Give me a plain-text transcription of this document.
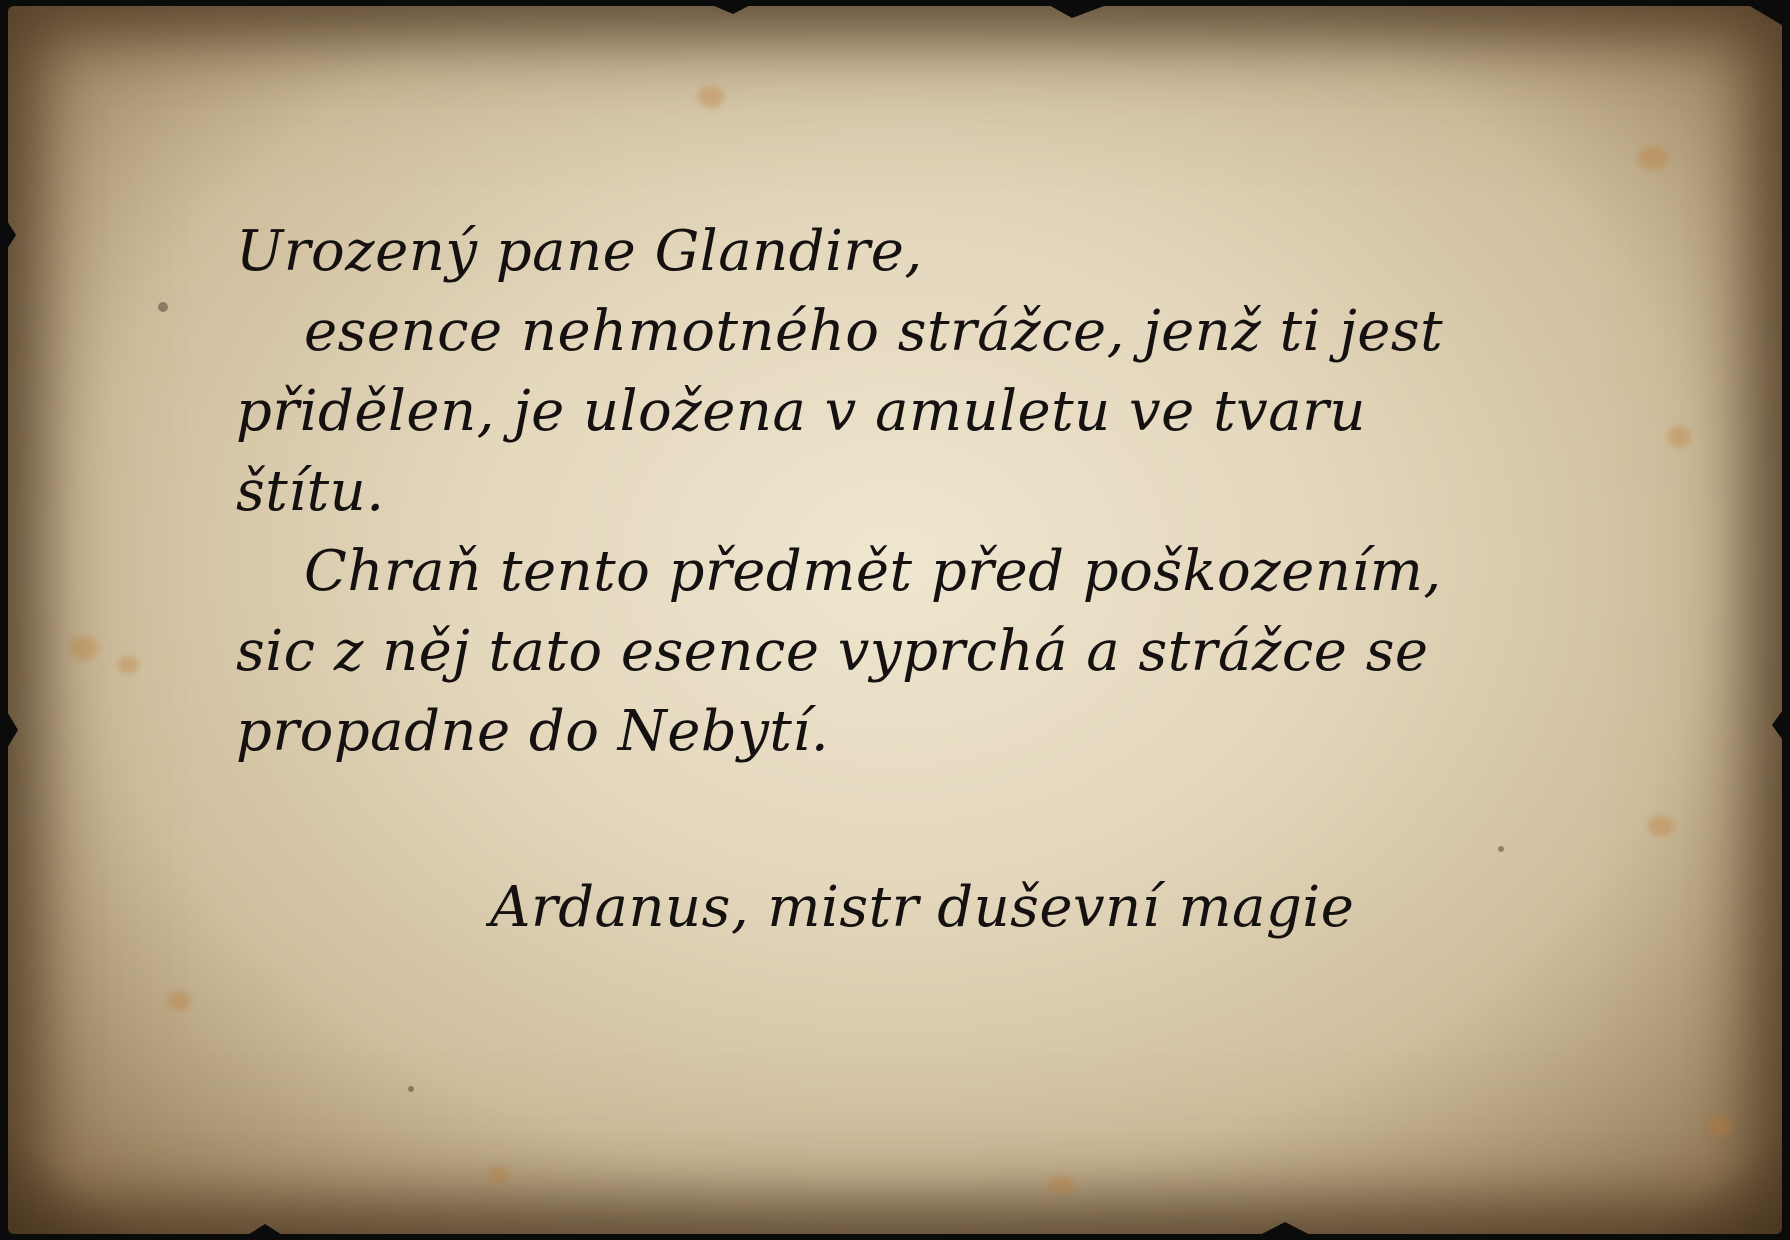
Urozený pane Glandire,
esence nehmotného strážce, jenž ti jest
přidělen, je uložena v amuletu ve tvaru
štítu.
Chraň tento předmět před poškozením,
sic z něj tato esence vyprchá a strážce se
propadne do Nebytí.
Ardanus, mistr duševní magie
